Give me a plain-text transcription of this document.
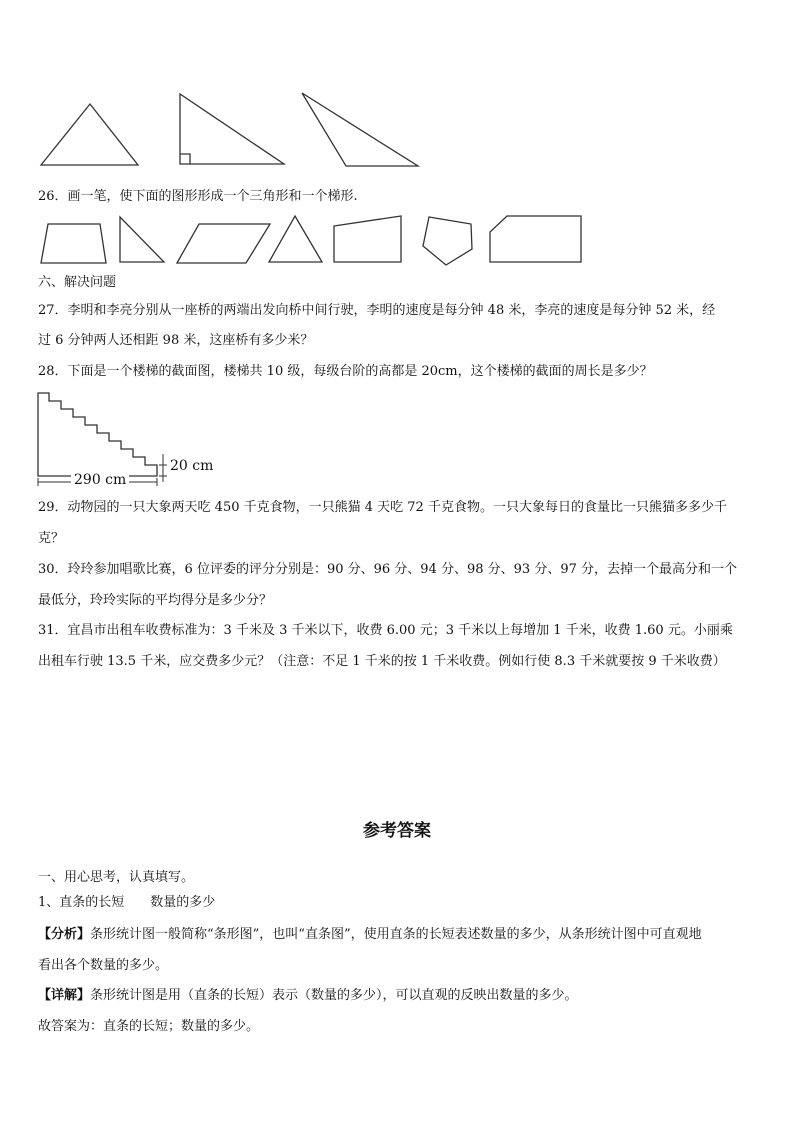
26．画一笔，使下面的图形形成一个三角形和一个梯形.
六、解决问题
27．李明和李亮分别从一座桥的两端出发向桥中间行驶，李明的速度是每分钟 48 米，李亮的速度是每分钟 52 米，经
过 6 分钟两人还相距 98 米，这座桥有多少米？
28．下面是一个楼梯的截面图，楼梯共 10 级，每级台阶的高都是 20cm，这个楼梯的截面的周长是多少？
290 cm
20 cm
29．动物园的一只大象两天吃 450 千克食物，一只熊猫 4 天吃 72 千克食物。一只大象每日的食量比一只熊猫多多少千
克？
30．玲玲参加唱歌比赛，6 位评委的评分分别是：90 分、96 分、94 分、98 分、93 分、97 分，去掉一个最高分和一个
最低分，玲玲实际的平均得分是多少分？
31．宜昌市出租车收费标准为：3 千米及 3 千米以下，收费 6.00 元；3 千米以上每增加 1 千米，收费 1.60 元。小丽乘
出租车行驶 13.5 千米，应交费多少元？（注意：不足 1 千米的按 1 千米收费。例如行使 8.3 千米就要按 9 千米收费）
参考答案
一、用心思考，认真填写。
1、直条的长短　　数量的多少
【分析】条形统计图一般简称“条形图”，也叫“直条图”，使用直条的长短表述数量的多少，从条形统计图中可直观地
看出各个数量的多少。
【详解】条形统计图是用（直条的长短）表示（数量的多少），可以直观的反映出数量的多少。
故答案为：直条的长短；数量的多少。
